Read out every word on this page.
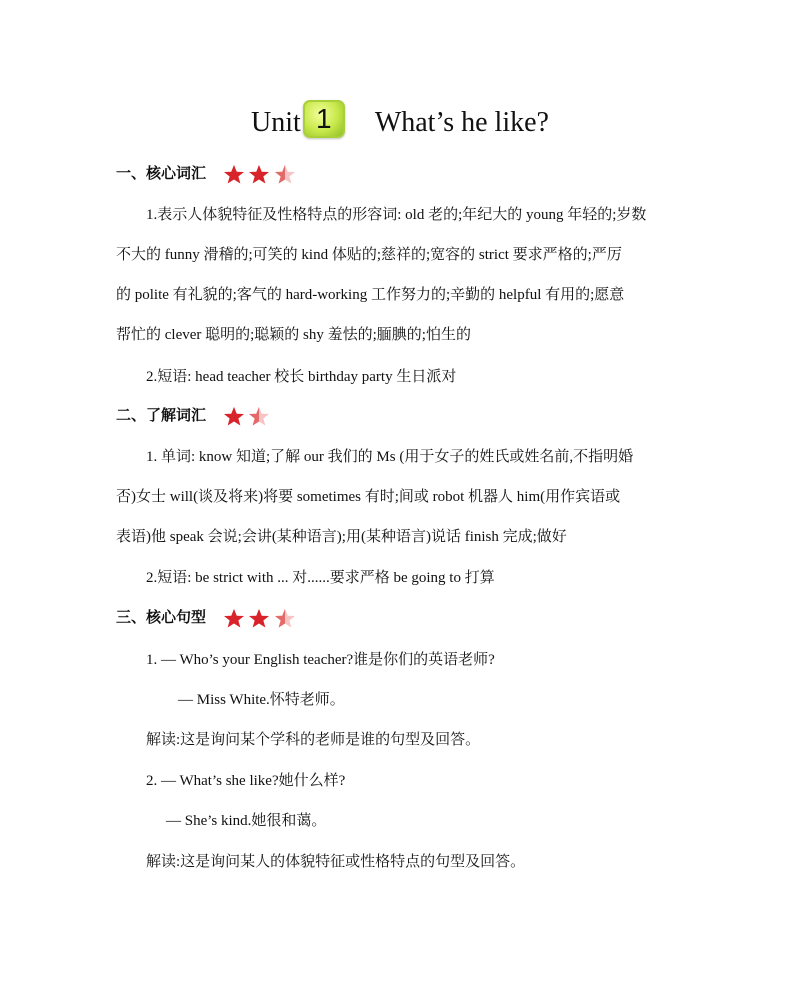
Unit 1	What’s he like?
一、核心词汇
1.表示人体貌特征及性格特点的形容词: old 老的;年纪大的 young 年轻的;岁数
不大的 funny 滑稽的;可笑的 kind 体贴的;慈祥的;宽容的 strict 要求严格的;严厉
的 polite 有礼貌的;客气的 hard-working 工作努力的;辛勤的 helpful 有用的;愿意
帮忙的 clever 聪明的;聪颖的 shy 羞怯的;腼腆的;怕生的
2.短语: head teacher 校长 birthday party 生日派对
二、了解词汇
1. 单词: know 知道;了解 our 我们的 Ms (用于女子的姓氏或姓名前,不指明婚
否)女士 will(谈及将来)将要 sometimes 有时;间或 robot 机器人 him(用作宾语或
表语)他 speak 会说;会讲(某种语言);用(某种语言)说话 finish 完成;做好
2.短语: be strict with ... 对......要求严格 be going to 打算
三、核心句型
1. — Who’s your English teacher?谁是你们的英语老师?
— Miss White.怀特老师。
解读:这是询问某个学科的老师是谁的句型及回答。
2. — What’s she like?她什么样?
— She’s kind.她很和蔼。
解读:这是询问某人的体貌特征或性格特点的句型及回答。
